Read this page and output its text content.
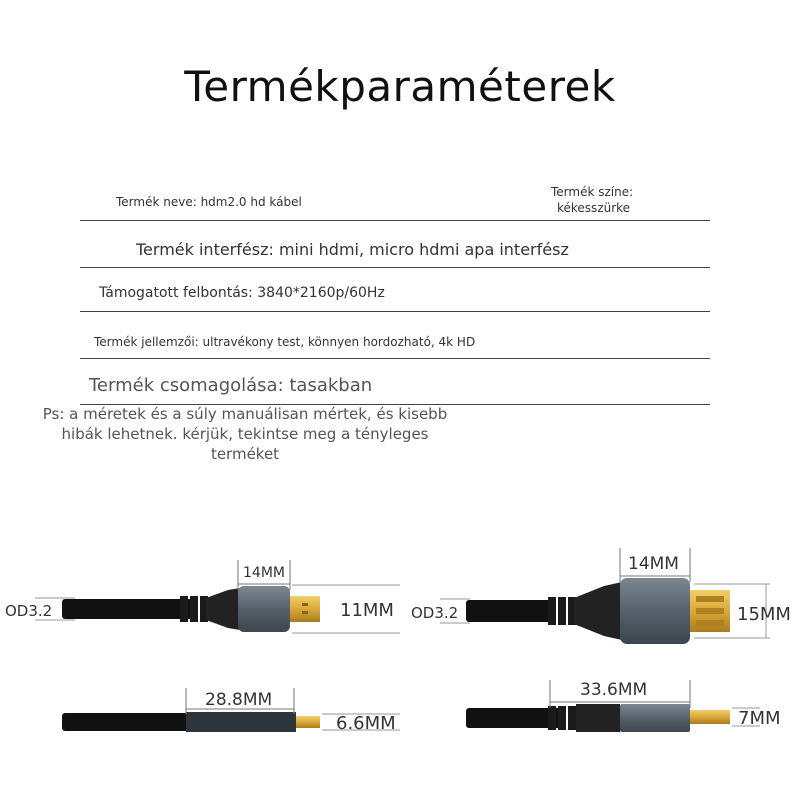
Termékparaméterek
Termék neve: hdm2.0 hd kábel
Termék színe:
kékesszürke
Termék interfész: mini hdmi, micro hdmi apa interfész
Támogatott felbontás: 3840*2160p/60Hz
Termék jellemzői: ultravékony test, könnyen hordozható, 4k HD
Termék csomagolása: tasakban
Ps: a méretek és a súly manuálisan mértek, és kisebb hibák lehetnek. kérjük, tekintse meg a tényleges terméket
OD3.2
14MM
11MM OD3.2
14MM
15MM
28.8MM
6.6MM
33.6MM
7MM
